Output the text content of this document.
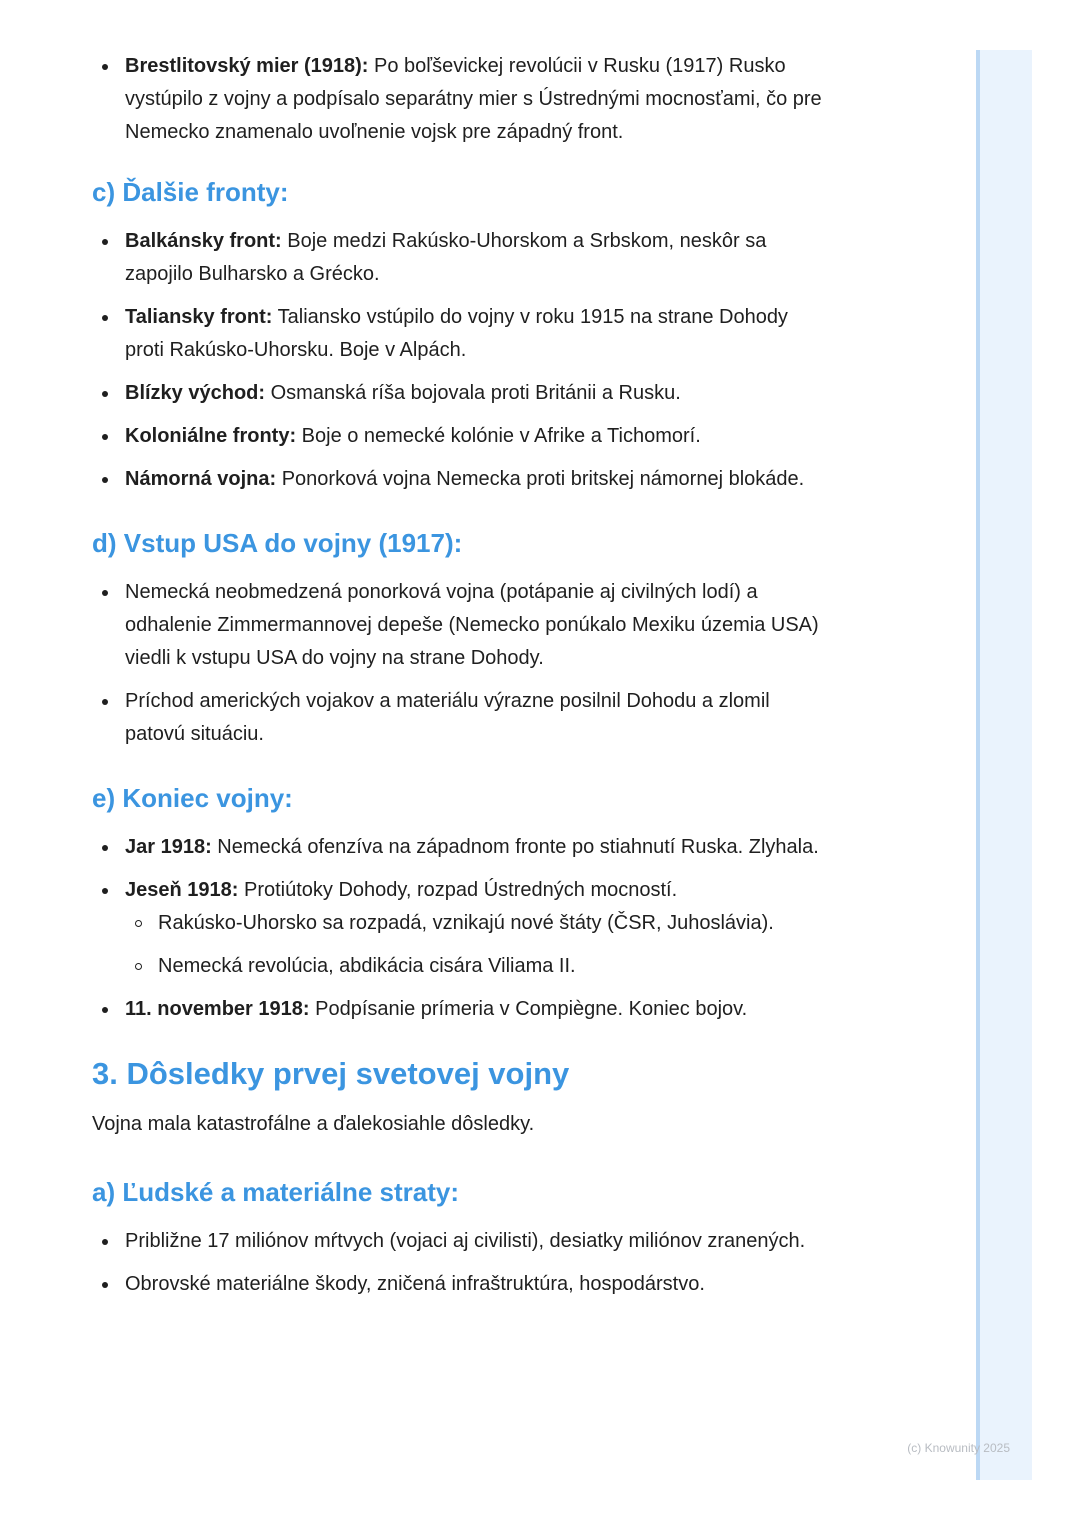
Brestlitovský mier (1918): Po boľševickej revolúcii v Rusku (1917) Rusko vystúpilo z vojny a podpísalo separátny mier s Ústrednými mocnosťami, čo pre Nemecko znamenalo uvoľnenie vojsk pre západný front.
c) Ďalšie fronty:
Balkánsky front: Boje medzi Rakúsko-Uhorskom a Srbskom, neskôr sa zapojilo Bulharsko a Grécko.
Taliansky front: Taliansko vstúpilo do vojny v roku 1915 na strane Dohody proti Rakúsko-Uhorsku. Boje v Alpách.
Blízky východ: Osmanská ríša bojovala proti Británii a Rusku.
Koloniálne fronty: Boje o nemecké kolónie v Afrike a Tichomorí.
Námorná vojna: Ponorková vojna Nemecka proti britskej námornej blokáde.
d) Vstup USA do vojny (1917):
Nemecká neobmedzená ponorková vojna (potápanie aj civilných lodí) a odhalenie Zimmermannovej depeše (Nemecko ponúkalo Mexiku územia USA) viedli k vstupu USA do vojny na strane Dohody.
Príchod amerických vojakov a materiálu výrazne posilnil Dohodu a zlomil patovú situáciu.
e) Koniec vojny:
Jar 1918: Nemecká ofenzíva na západnom fronte po stiahnutí Ruska. Zlyhala.
Jeseň 1918: Protiútoky Dohody, rozpad Ústredných mocností.
Rakúsko-Uhorsko sa rozpadá, vznikajú nové štáty (ČSR, Juhoslávia).
Nemecká revolúcia, abdikácia cisára Viliama II.
11. november 1918: Podpísanie prímeria v Compiègne. Koniec bojov.
3. Dôsledky prvej svetovej vojny

Vojna mala katastrofálne a ďalekosiahle dôsledky.

a) Ľudské a materiálne straty:
Približne 17 miliónov mŕtvych (vojaci aj civilisti), desiatky miliónov zranených.
Obrovské materiálne škody, zničená infraštruktúra, hospodárstvo.
(c) Knowunity 2025
